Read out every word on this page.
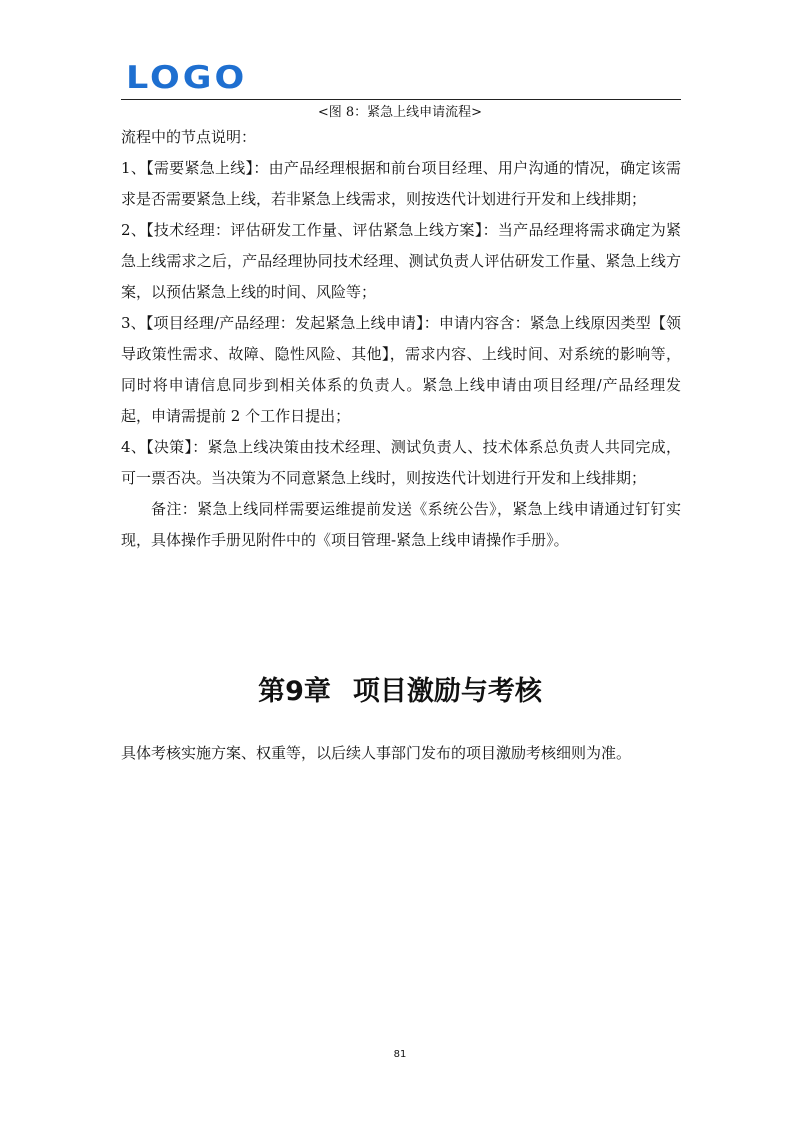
LOGO
<图 8：紧急上线申请流程>

流程中的节点说明：

1、【需要紧急上线】：由产品经理根据和前台项目经理、用户沟通的情况，确定该需求是否需要紧急上线，若非紧急上线需求，则按迭代计划进行开发和上线排期；

2、【技术经理：评估研发工作量、评估紧急上线方案】：当产品经理将需求确定为紧急上线需求之后，产品经理协同技术经理、测试负责人评估研发工作量、紧急上线方案，以预估紧急上线的时间、风险等；

3、【项目经理/产品经理：发起紧急上线申请】：申请内容含：紧急上线原因类型【领导政策性需求、故障、隐性风险、其他】，需求内容、上线时间、对系统的影响等，同时将申请信息同步到相关体系的负责人。紧急上线申请由项目经理/产品经理发起，申请需提前 2 个工作日提出；

4、【决策】：紧急上线决策由技术经理、测试负责人、技术体系总负责人共同完成，可一票否决。当决策为不同意紧急上线时，则按迭代计划进行开发和上线排期；

备注：紧急上线同样需要运维提前发送《系统公告》，紧急上线申请通过钉钉实现，具体操作手册见附件中的《项目管理-紧急上线申请操作手册》。

第9章 项目激励与考核
具体考核实施方案、权重等，以后续人事部门发布的项目激励考核细则为准。
81
